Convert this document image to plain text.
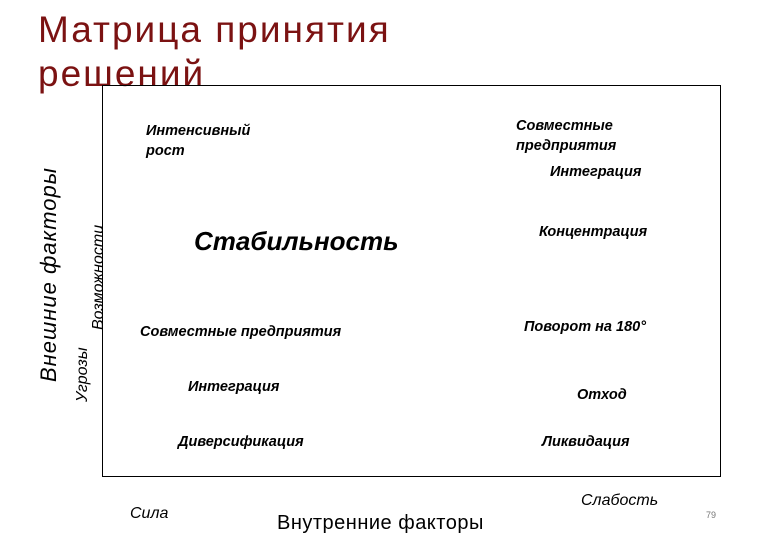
Матрица принятия
решений
Интенсивный
рост
Совместные
предприятия
Интеграция
Концентрация
Стабильность
Совместные предприятия
Интеграция
Диверсификация
Поворот на 180°
Отход
Ликвидация
Внешние факторы Угрозы
Возможности
Сила
Слабость
Внутренние факторы	79
